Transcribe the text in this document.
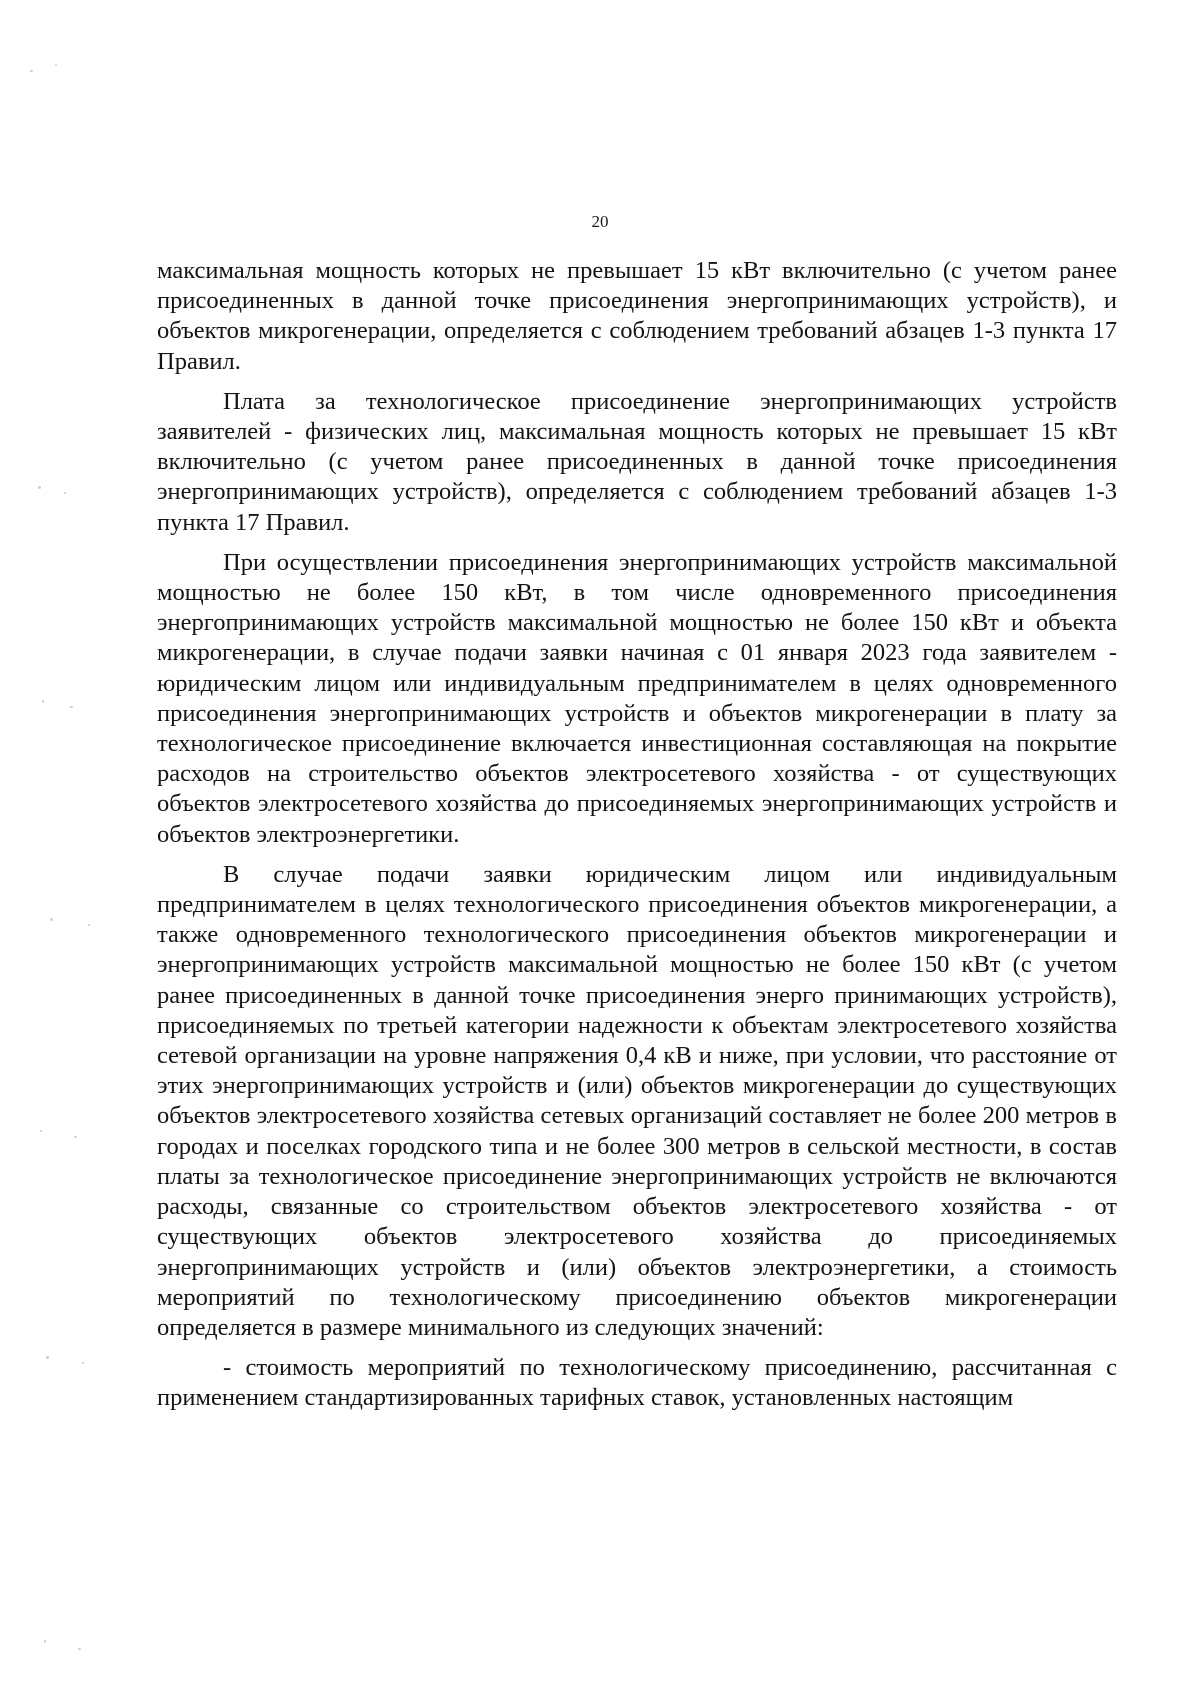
20

максимальная мощность которых не превышает 15 кВт включительно (с учетом ранее присоединенных в данной точке присоединения энергопринимающих устройств), и объектов микрогенерации, определяется с соблюдением требований абзацев 1-3 пункта 17 Правил.

Плата за технологическое присоединение энергопринимающих устройств заявителей - физических лиц, максимальная мощность которых не превышает 15 кВт включительно (с учетом ранее присоединенных в данной точке присоединения энергопринимающих устройств), определяется с соблюдением требований абзацев 1-3 пункта 17 Правил.

При осуществлении присоединения энергопринимающих устройств максимальной мощностью не более 150 кВт, в том числе одновременного присоединения энергопринимающих устройств максимальной мощностью не более 150 кВт и объекта микрогенерации, в случае подачи заявки начиная с 01 января 2023 года заявителем - юридическим лицом или индивидуальным предпринимателем в целях одновременного присоединения энергопринимающих устройств и объектов микрогенерации в плату за технологическое присоединение включается инвестиционная составляющая на покрытие расходов на строительство объектов электросетевого хозяйства - от существующих объектов электросетевого хозяйства до присоединяемых энергопринимающих устройств и объектов электроэнергетики.

В случае подачи заявки юридическим лицом или индивидуальным предпринимателем в целях технологического присоединения объектов микрогенерации, а также одновременного технологического присоединения объектов микрогенерации и энергопринимающих устройств максимальной мощностью не более 150 кВт (с учетом ранее присоединенных в данной точке присоединения энерго принимающих устройств), присоединяемых по третьей категории надежности к объектам электросетевого хозяйства сетевой организации на уровне напряжения 0,4 кВ и ниже, при условии, что расстояние от этих энергопринимающих устройств и (или) объектов микрогенерации до существующих объектов электросетевого хозяйства сетевых организаций составляет не более 200 метров в городах и поселках городского типа и не более 300 метров в сельской местности, в состав платы за технологическое присоединение энергопринимающих устройств не включаются расходы, связанные со строительством объектов электросетевого хозяйства - от существующих объектов электросетевого хозяйства до присоединяемых энергопринимающих устройств и (или) объектов электроэнергетики, а стоимость мероприятий по технологическому присоединению объектов микрогенерации определяется в размере минимального из следующих значений:

- стоимость мероприятий по технологическому присоединению, рассчитанная с применением стандартизированных тарифных ставок, установленных настоящим
